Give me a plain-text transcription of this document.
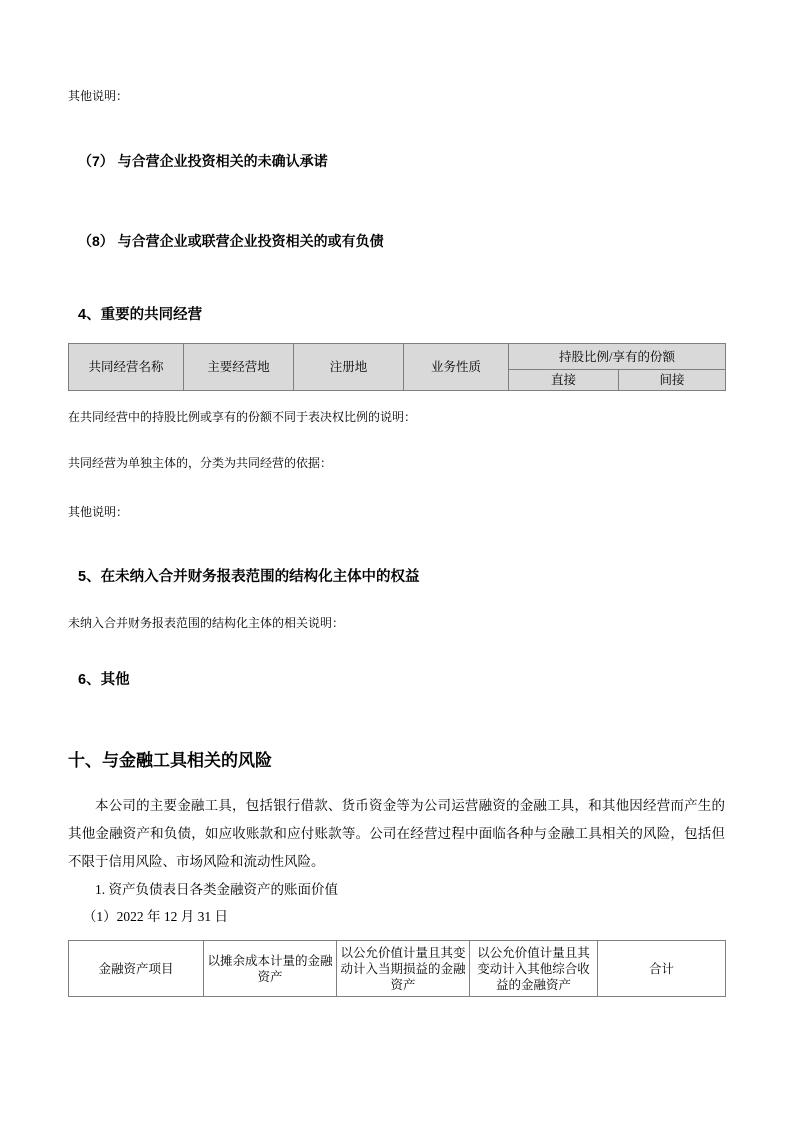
其他说明：

（7） 与合营企业投资相关的未确认承诺
（8） 与合营企业或联营企业投资相关的或有负债
4、重要的共同经营
共同经营名称	主要经营地	注册地	业务性质	持股比例/享有的份额	
				直接	间接

在共同经营中的持股比例或享有的份额不同于表决权比例的说明：

共同经营为单独主体的，分类为共同经营的依据：

其他说明：

5、在未纳入合并财务报表范围的结构化主体中的权益

未纳入合并财务报表范围的结构化主体的相关说明：

6、其他
十、与金融工具相关的风险

本公司的主要金融工具，包括银行借款、货币资金等为公司运营融资的金融工具，和其他因经营而产生的其他金融资产和负债，如应收账款和应付账款等。公司在经营过程中面临各种与金融工具相关的风险，包括但不限于信用风险、市场风险和流动性风险。

1. 资产负债表日各类金融资产的账面价值

（1）2022 年 12 月 31 日

金融资产项目	以摊余成本计量的金融资产	以公允价值计量且其变动计入当期损益的金融资产	以公允价值计量且其变动计入其他综合收益的金融资产	合计
